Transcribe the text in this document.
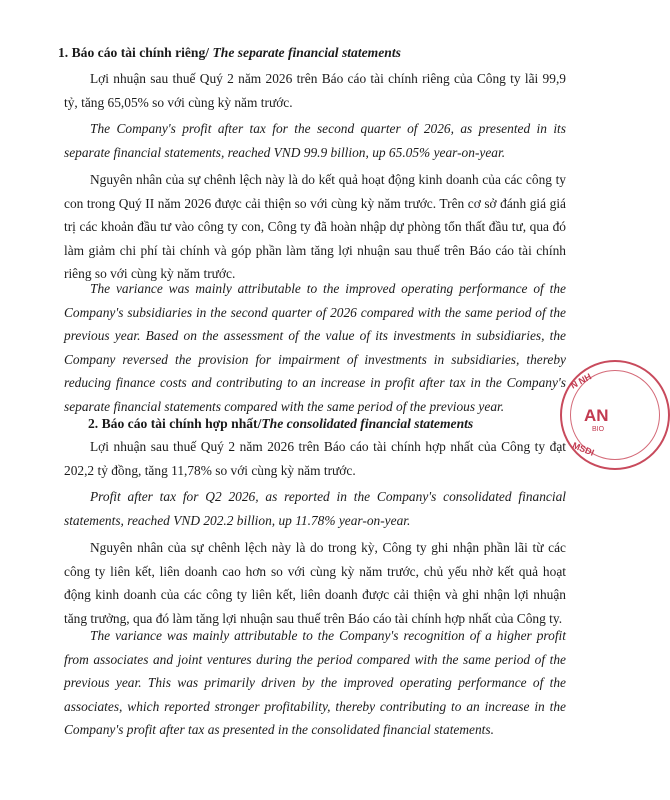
1. Báo cáo tài chính riêng/ The separate financial statements

Lợi nhuận sau thuế Quý 2 năm 2026 trên Báo cáo tài chính riêng của Công ty lãi 99,9 tỷ, tăng 65,05% so với cùng kỳ năm trước.

The Company's profit after tax for the second quarter of 2026, as presented in its separate financial statements, reached VND 99.9 billion, up 65.05% year-on-year.

Nguyên nhân của sự chênh lệch này là do kết quả hoạt động kinh doanh của các công ty con trong Quý II năm 2026 được cải thiện so với cùng kỳ năm trước. Trên cơ sở đánh giá giá trị các khoản đầu tư vào công ty con, Công ty đã hoàn nhập dự phòng tổn thất đầu tư, qua đó làm giảm chi phí tài chính và góp phần làm tăng lợi nhuận sau thuế trên Báo cáo tài chính riêng so với cùng kỳ năm trước.

The variance was mainly attributable to the improved operating performance of the Company's subsidiaries in the second quarter of 2026 compared with the same period of the previous year. Based on the assessment of the value of its investments in subsidiaries, the Company reversed the provision for impairment of investments in subsidiaries, thereby reducing finance costs and contributing to an increase in profit after tax in the Company's separate financial statements compared with the same period of the previous year.

2. Báo cáo tài chính hợp nhất/The consolidated financial statements

Lợi nhuận sau thuế Quý 2 năm 2026 trên Báo cáo tài chính hợp nhất của Công ty đạt 202,2 tỷ đồng, tăng 11,78% so với cùng kỳ năm trước.

Profit after tax for Q2 2026, as reported in the Company's consolidated financial statements, reached VND 202.2 billion, up 11.78% year-on-year.

Nguyên nhân của sự chênh lệch này là do trong kỳ, Công ty ghi nhận phần lãi từ các công ty liên kết, liên doanh cao hơn so với cùng kỳ năm trước, chủ yếu nhờ kết quả hoạt động kinh doanh của các công ty liên kết, liên doanh được cải thiện và ghi nhận lợi nhuận tăng trưởng, qua đó làm tăng lợi nhuận sau thuế trên Báo cáo tài chính hợp nhất của Công ty.

The variance was mainly attributable to the Company's recognition of a higher profit from associates and joint ventures during the period compared with the same period of the previous year. This was primarily driven by the improved operating performance of the associates, which reported stronger profitability, thereby contributing to an increase in the Company's profit after tax as presented in the consolidated financial statements.

N NH
AN
BIO
MSDI
